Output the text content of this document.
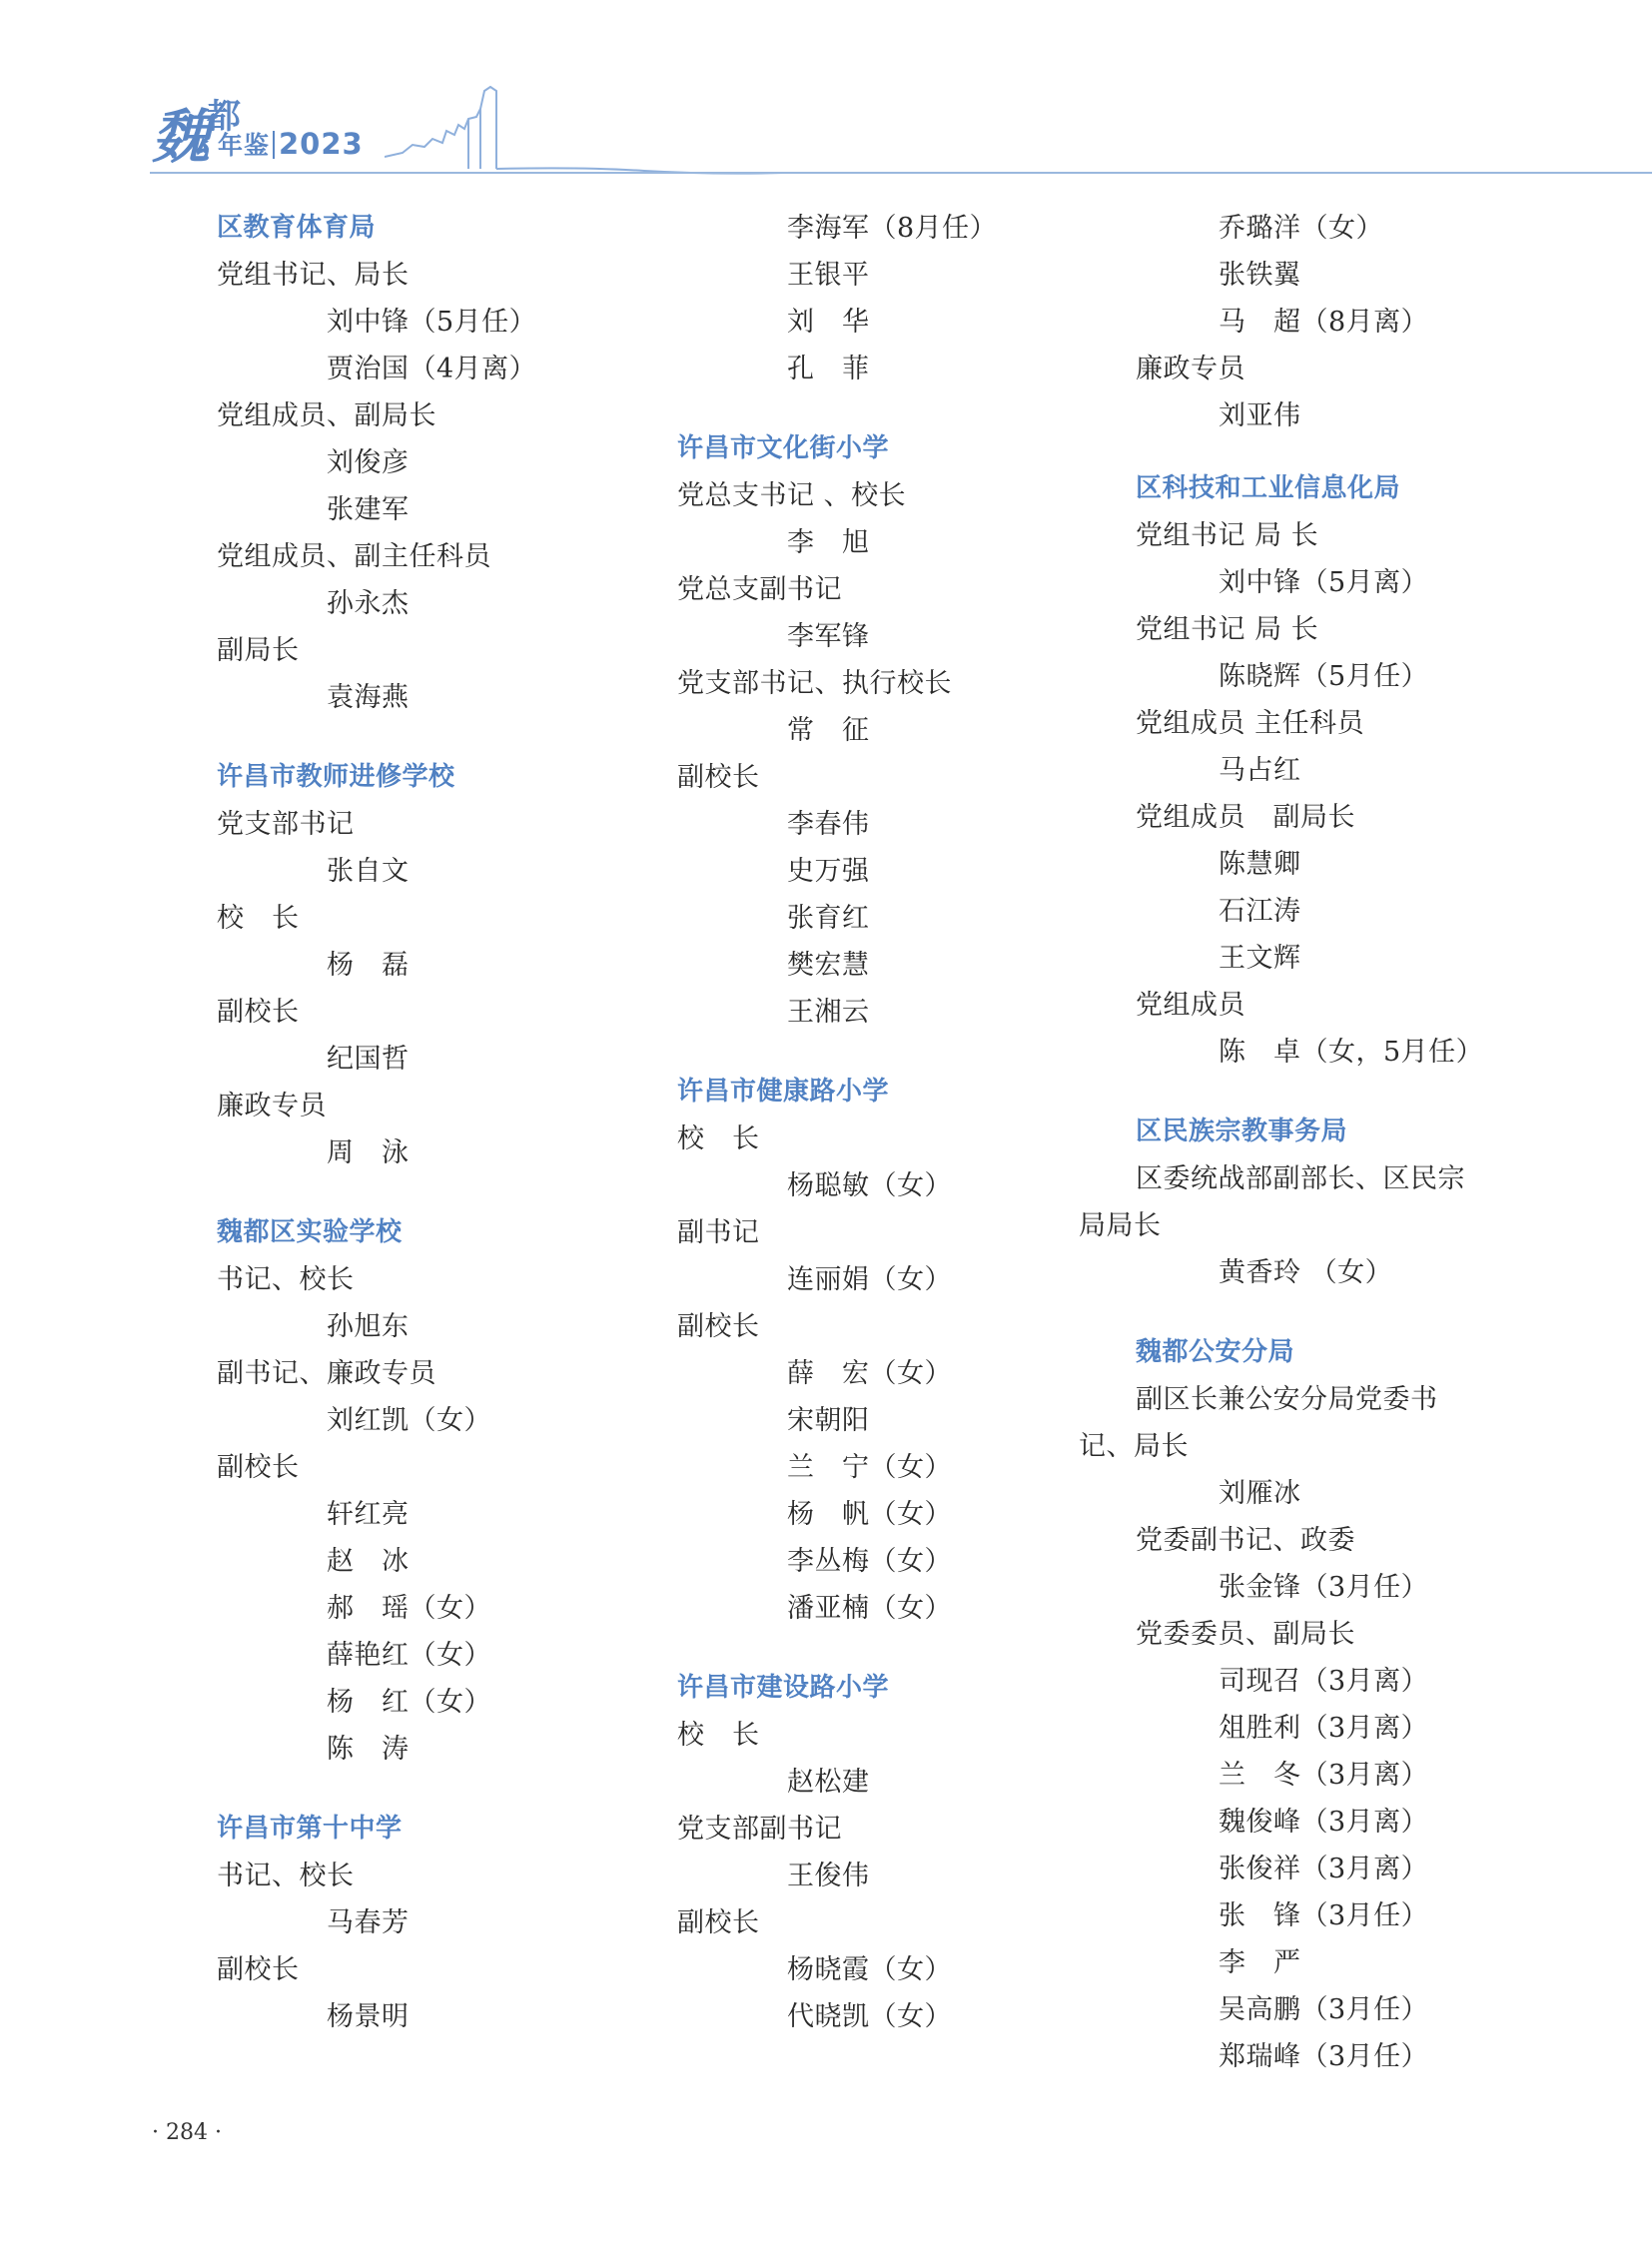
魏
都
年鉴 2023
区教育体育局
党组书记、局长
刘中锋（5月任）
贾治国（4月离）
党组成员、副局长
刘俊彦
张建军
党组成员、副主任科员
孙永杰
副局长
袁海燕
许昌市教师进修学校
党支部书记
张自文
校　长
杨　磊
副校长
纪国哲
廉政专员
周　泳
魏都区实验学校
书记、校长
孙旭东
副书记、廉政专员
刘红凯（女）
副校长
轩红亮
赵　冰
郝　瑶（女）
薛艳红（女）
杨　红（女）
陈　涛
许昌市第十中学
书记、校长
马春芳
副校长
杨景明
李海军（8月任）
王银平
刘　华
孔　菲
许昌市文化街小学
党总支书记 、校长
李　旭
党总支副书记
李军锋
党支部书记、执行校长
常　征
副校长
李春伟
史万强
张育红
樊宏慧
王湘云
许昌市健康路小学
校　长
杨聪敏（女）
副书记
连丽娟（女）
副校长
薛　宏（女）
宋朝阳
兰　宁（女）
杨　帆（女）
李丛梅（女）
潘亚楠（女）
许昌市建设路小学
校　长
赵松建
党支部副书记
王俊伟
副校长
杨晓霞（女）
代晓凯（女）
乔璐洋（女）
张铁翼
马　超（8月离）
廉政专员
刘亚伟
区科技和工业信息化局
党组书记 局 长
刘中锋（5月离）
党组书记 局 长
陈晓辉（5月任）
党组成员 主任科员
马占红
党组成员　副局长
陈慧卿
石江涛
王文辉
党组成员
陈　卓（女，5月任）
区民族宗教事务局
区委统战部副部长、区民宗
局局长
黄香玲 （女）
魏都公安分局
副区长兼公安分局党委书
记、局长
刘雁冰
党委副书记、政委
张金锋（3月任）
党委委员、副局长
司现召（3月离）
俎胜利（3月离）
兰　冬（3月离）
魏俊峰（3月离）
张俊祥（3月离）
张　锋（3月任）
李　严
吴高鹏（3月任）
郑瑞峰（3月任）
· 284 ·
